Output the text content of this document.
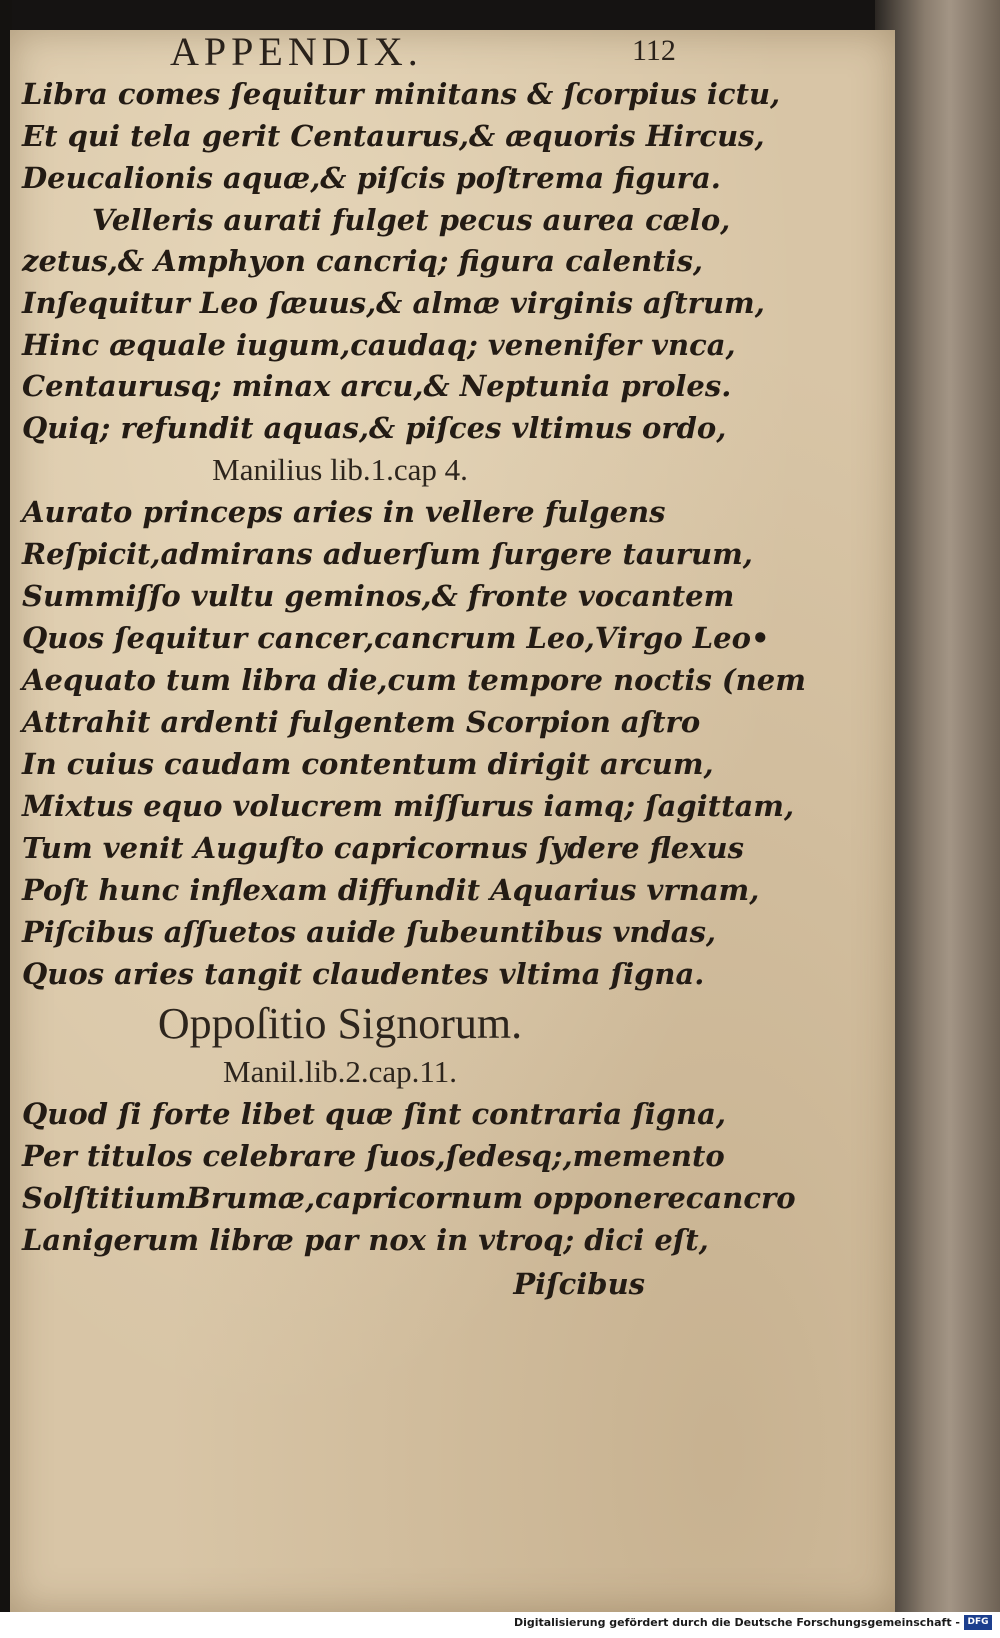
APPENDIX.	112
Libra comes ſequitur minitans & ſcorpius ictu,
Et qui tela gerit Centaurus,& æquoris Hircus,
Deucalionis aquæ,& piſcis poſtrema figura.
Velleris aurati fulget pecus aurea cælo,
zetus,& Amphyon cancriq; figura calentis,
Inſequitur Leo ſæuus,& almæ virginis aſtrum,
Hinc æquale iugum,caudaq; venenifer vnca,
Centaurusq; minax arcu,& Neptunia proles.
Quiq; refundit aquas,& piſces vltimus ordo,
Manilius lib.1.cap 4.
Aurato princeps aries in vellere fulgens
Reſpicit,admirans aduerſum ſurgere taurum,
Summiſſo vultu geminos,& fronte vocantem
Quos ſequitur cancer,cancrum Leo,Virgo Leo•
Aequato tum libra die,cum tempore noctis (nem
Attrahit ardenti fulgentem Scorpion aſtro
In cuius caudam contentum dirigit arcum,
Mixtus equo volucrem miſſurus iamq; ſagittam,
Tum venit Auguſto capricornus ſydere flexus
Poſt hunc inflexam diffundit Aquarius vrnam,
Piſcibus aſſuetos auide ſubeuntibus vndas,
Quos aries tangit claudentes vltima ſigna.
Oppoſitio Signorum.
Manil.lib.2.cap.11.
Quod ſi forte libet quæ ſint contraria ſigna,
Per titulos celebrare ſuos,ſedesq;,memento
SolſtitiumBrumæ,capricornum opponerecancro
Lanigerum libræ par nox in vtroq; dici eſt,
Piſcibus
Digitalisierung gefördert durch die Deutsche Forschungsgemeinschaft - DFG
